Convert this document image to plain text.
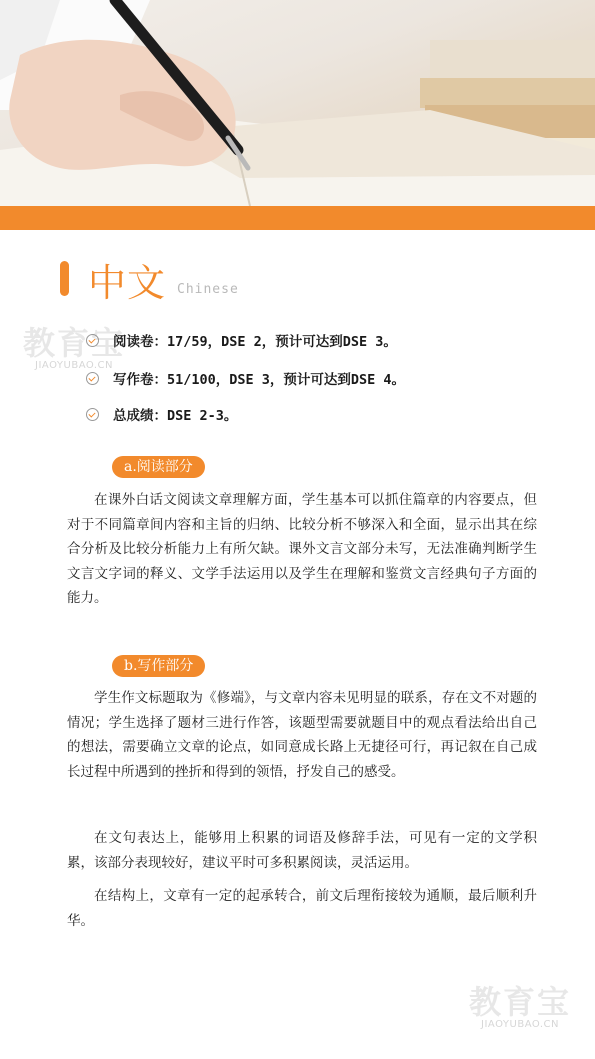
中文 Chinese
阅读卷：17/59，DSE 2，预计可达到DSE 3。
写作卷：51/100，DSE 3，预计可达到DSE 4。
总成绩：DSE 2-3。
a.阅读部分

在课外白话文阅读文章理解方面，学生基本可以抓住篇章的内容要点，但对于不同篇章间内容和主旨的归纳、比较分析不够深入和全面，显示出其在综合分析及比较分析能力上有所欠缺。课外文言文部分未写，无法准确判断学生文言文字词的释义、文学手法运用以及学生在理解和鉴赏文言经典句子方面的能力。

b.写作部分

学生作文标题取为《修端》，与文章内容未见明显的联系，存在文不对题的情况；学生选择了题材三进行作答，该题型需要就题目中的观点看法给出自己的想法，需要确立文章的论点，如同意成长路上无捷径可行，再记叙在自己成长过程中所遇到的挫折和得到的领悟，抒发自己的感受。

在文句表达上，能够用上积累的词语及修辞手法，可见有一定的文学积累，该部分表现较好，建议平时可多积累阅读，灵活运用。

在结构上，文章有一定的起承转合，前文后理衔接较为通顺，最后顺利升华。

教育宝
JIAOYUBAO.CN
教育宝
JIAOYUBAO.CN
